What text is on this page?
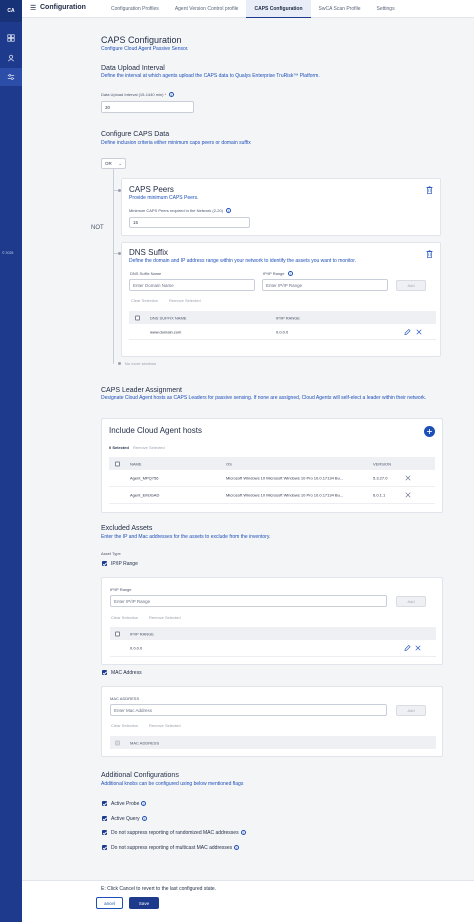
CA
© 2025
☰ Configuration	Configuration Profiles	Agent Version Control profile	CAPS Configuration	SwCA Scan Profile	Settings
CAPS Configuration
Configure Cloud Agent Passive Sensor.
Data Upload Interval
Define the interval at which agents upload the CAPS data to Qualys Enterprise TruRisk™ Platform.
Data Upload Interval (15-1440 min) * i
30
Configure CAPS Data
Define inclusion criteria either minimum caps peers or domain suffix
OR ⌄
NOT
CAPS Peers
Provide minimum CAPS Peers.
Minimum CAPS Peers required in the Network (2-20) i
15
DNS Suffix
Define the domain and IP address range within your network to identify the assets you want to monitor.
DNS Suffix Name	IP/IP Range i
Enter Domain Name	Enter IP/IP Range	Add
Clear Selection	Remove Selected
DNS SUFFIX NAME	IP/IP RANGE
www.domain.com	0.0.0.0
No more sections
CAPS Leader Assignment
Designate Cloud Agent hosts as CAPS Leaders for passive sensing. If none are assigned, Cloud Agents will self-elect a leader within their network.
Include Cloud Agent hosts
0 Selected Remove Selected
NAME	OS	VERSION
Agent_MPQ756	Microsoft Windows 10 Microsoft Windows 10 Pro 10.0.17134 Bu...	5.3.27.0
Agent_EMJGAD	Microsoft Windows 10 Microsoft Windows 10 Pro 10.0.17134 Bu...	6.0.1.1
Excluded Assets
Enter the IP and Mac addresses for the assets to exclude from the inventory.
Asset Type
IP/IP Range
IP/IP Range
Enter IP/IP Range	Add
Clear Selection	Remove Selected
IP/IP RANGE
0.0.0.0
MAC Address
MAC ADDRESS
Enter Mac Address	Add
Clear Selection	Remove Selected
MAC ADDRESS
Additional Configurations
Additional knobs can be configured using below mentioned flags
Active Probe i
Active Query i
Do not suppress reporting of randomized MAC addresses i
Do not suppress reporting of multicast MAC addresses i
E: Click Cancel to revert to the last configured state.
ancel	Save
